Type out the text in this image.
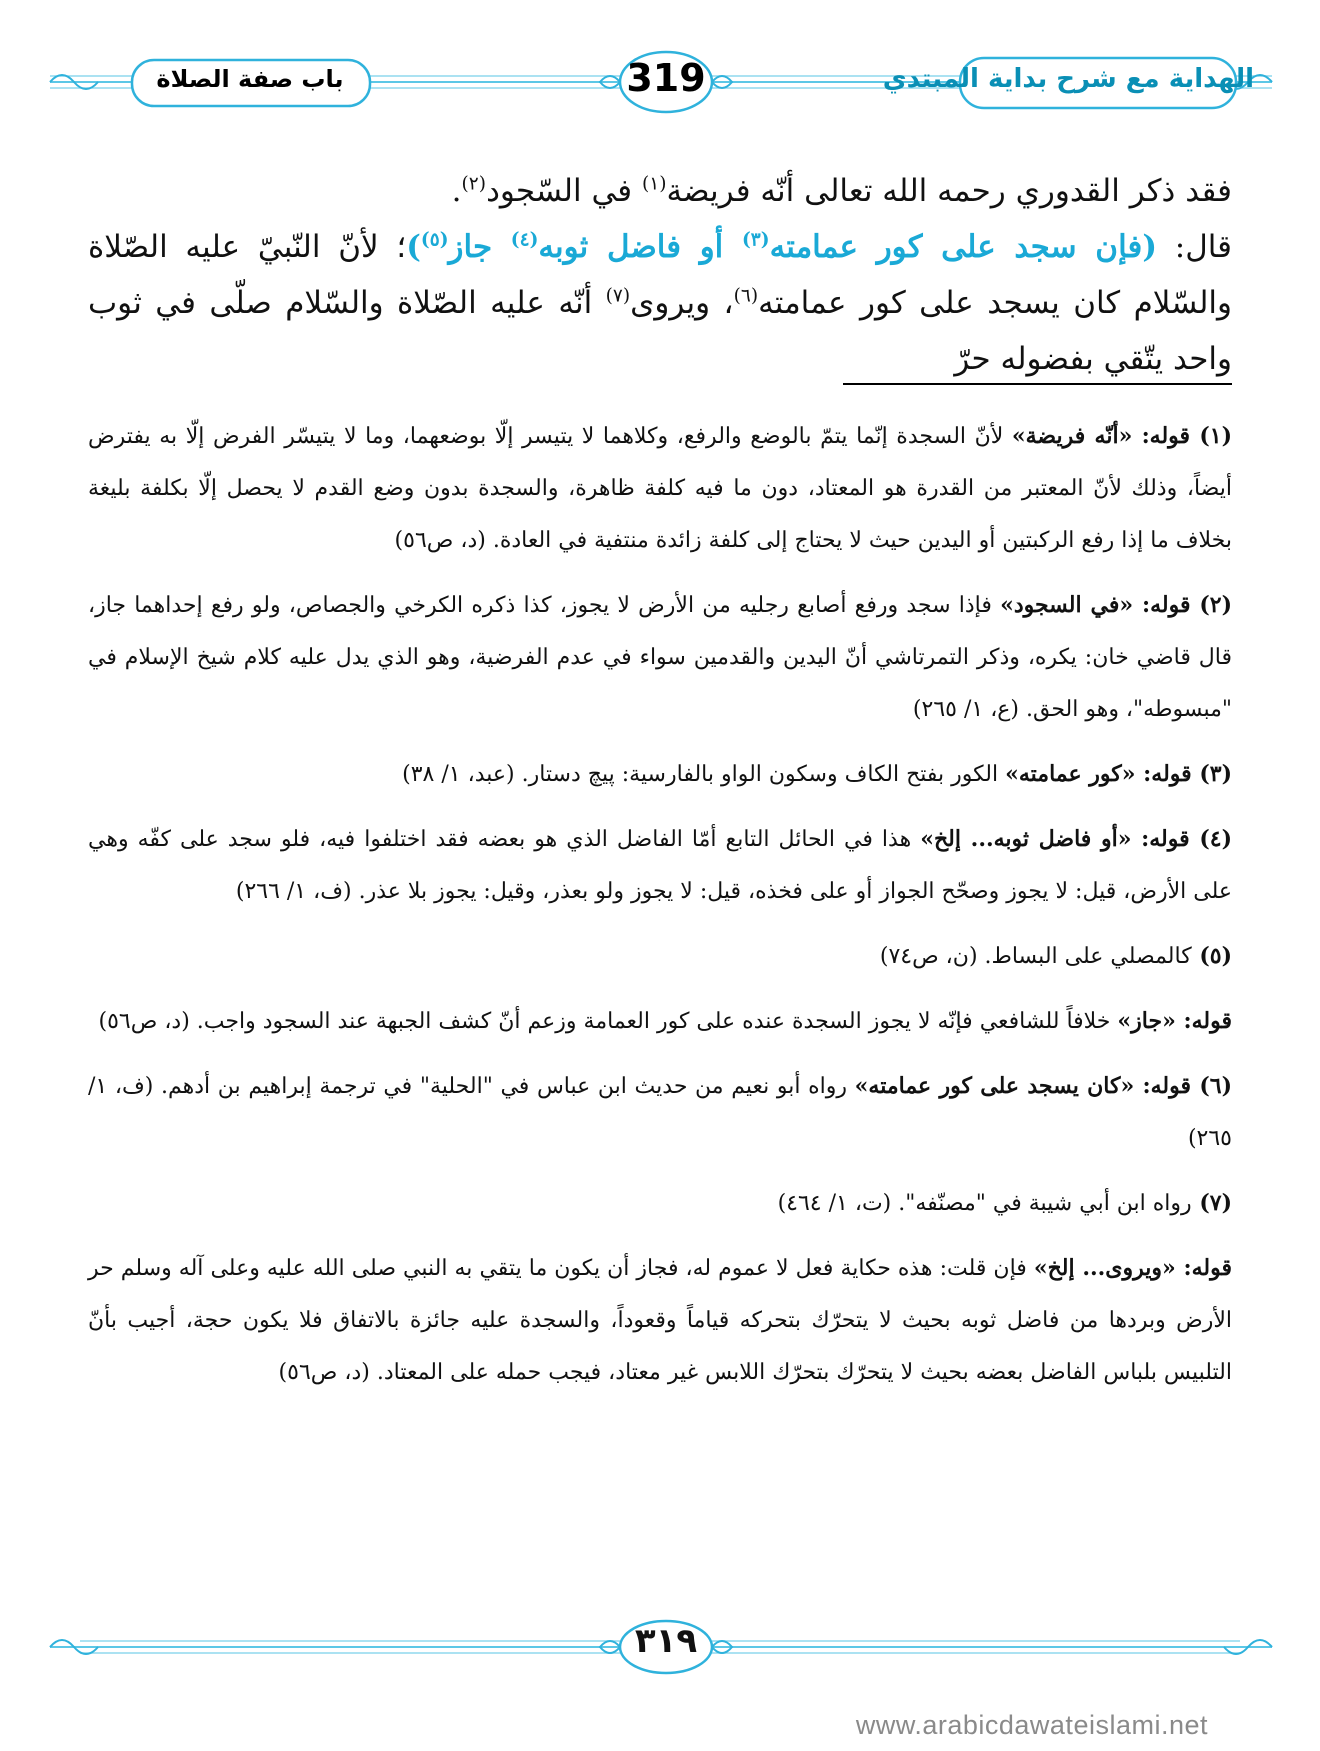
الهداية مع شرح بداية المبتدي
319
باب صفة الصلاة

فقد ذكر القدوري رحمه الله تعالى أنّه فريضة$^{(١)}$ في السّجود$^{(٢)}$.

قال: (فإن سجد على كور عمامته$^{(٣)}$ أو فاضل ثوبه$^{(٤)}$ جاز$^{(٥)}$)؛ لأنّ النّبيّ عليه الصّلاة والسّلام كان يسجد على كور عمامته$^{(٦)}$، ويروى$^{(٧)}$ أنّه عليه الصّلاة والسّلام صلّى في ثوب واحد يتّقي بفضوله حرّ

(١) قوله: «أنّه فريضة» لأنّ السجدة إنّما يتمّ بالوضع والرفع، وكلاهما لا يتيسر إلّا بوضعهما، وما لا يتيسّر الفرض إلّا به يفترض أيضاً، وذلك لأنّ المعتبر من القدرة هو المعتاد، دون ما فيه كلفة ظاهرة، والسجدة بدون وضع القدم لا يحصل إلّا بكلفة بليغة بخلاف ما إذا رفع الركبتين أو اليدين حيث لا يحتاج إلى كلفة زائدة منتفية في العادة. (د، ص٥٦)

(٢) قوله: «في السجود» فإذا سجد ورفع أصابع رجليه من الأرض لا يجوز، كذا ذكره الكرخي والجصاص، ولو رفع إحداهما جاز، قال قاضي خان: يكره، وذكر التمرتاشي أنّ اليدين والقدمين سواء في عدم الفرضية، وهو الذي يدل عليه كلام شيخ الإسلام في "مبسوطه"، وهو الحق. (ع، ١/ ٢٦٥)

(٣) قوله: «كور عمامته» الكور بفتح الكاف وسكون الواو بالفارسية: پيچ دستار. (عبد، ١/ ٣٨)

(٤) قوله: «أو فاضل ثوبه... إلخ» هذا في الحائل التابع أمّا الفاضل الذي هو بعضه فقد اختلفوا فيه، فلو سجد على كفّه وهي على الأرض، قيل: لا يجوز وصحّح الجواز أو على فخذه، قيل: لا يجوز ولو بعذر، وقيل: يجوز بلا عذر. (ف، ١/ ٢٦٦)

(٥) كالمصلي على البساط. (ن، ص٧٤)

قوله: «جاز» خلافاً للشافعي فإنّه لا يجوز السجدة عنده على كور العمامة وزعم أنّ كشف الجبهة عند السجود واجب. (د، ص٥٦)

(٦) قوله: «كان يسجد على كور عمامته» رواه أبو نعيم من حديث ابن عباس في "الحلية" في ترجمة إبراهيم بن أدهم. (ف، ١/ ٢٦٥)

(٧) رواه ابن أبي شيبة في "مصنّفه". (ت، ١/ ٤٦٤)

قوله: «ويروى... إلخ» فإن قلت: هذه حكاية فعل لا عموم له، فجاز أن يكون ما يتقي به النبي صلى الله عليه وعلى آله وسلم حر الأرض وبردها من فاضل ثوبه بحيث لا يتحرّك بتحركه قياماً وقعوداً، والسجدة عليه جائزة بالاتفاق فلا يكون حجة، أجيب بأنّ التلبيس بلباس الفاضل بعضه بحيث لا يتحرّك بتحرّك اللابس غير معتاد، فيجب حمله على المعتاد. (د، ص٥٦)

٣١٩
www.arabicdawateislami.net
